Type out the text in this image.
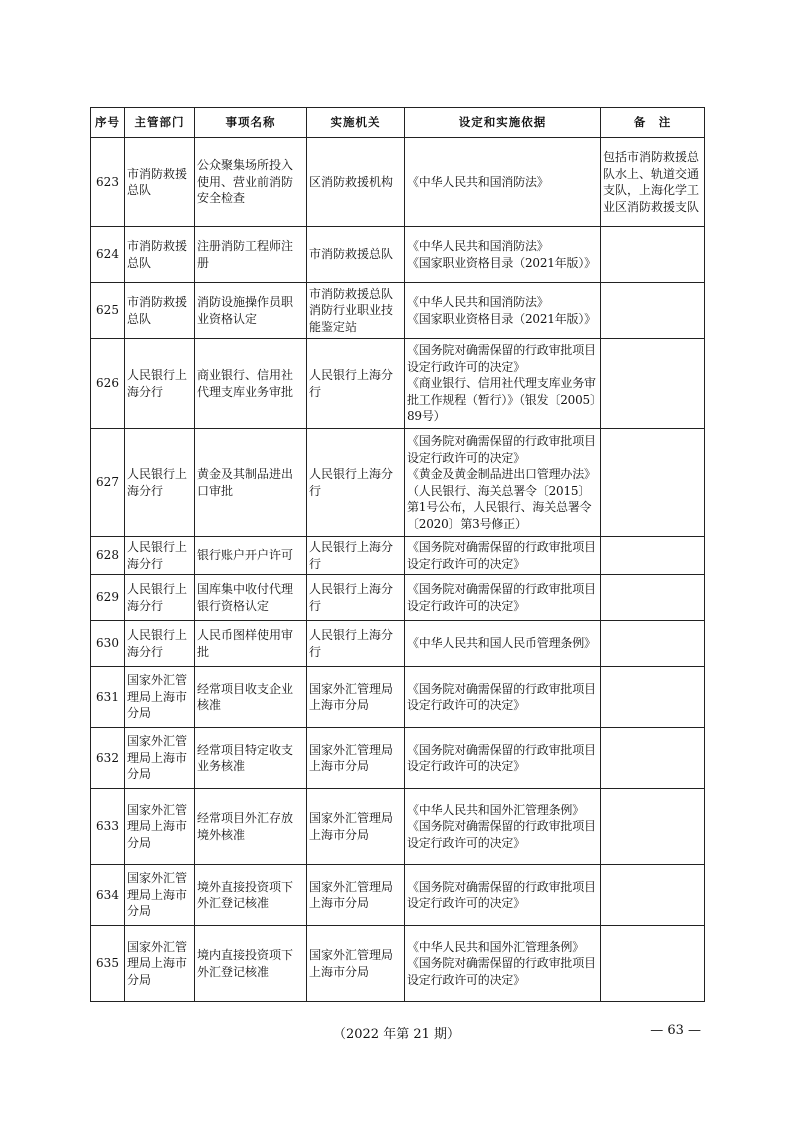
序号	主管部门	事项名称	实施机关	设定和实施依据	备　注
623	市消防救援总队	公众聚集场所投入使用、营业前消防安全检查	区消防救援机构	《中华人民共和国消防法》	包括市消防救援总队水上、轨道交通支队，上海化学工业区消防救援支队
624	市消防救援总队	注册消防工程师注册	市消防救援总队	《中华人民共和国消防法》
《国家职业资格目录（2021年版）》	
625	市消防救援总队	消防设施操作员职业资格认定	市消防救援总队消防行业职业技能鉴定站	《中华人民共和国消防法》
《国家职业资格目录（2021年版）》	
626	人民银行上海分行	商业银行、信用社代理支库业务审批	人民银行上海分行	《国务院对确需保留的行政审批项目设定行政许可的决定》
《商业银行、信用社代理支库业务审批工作规程（暂行）》（银发〔2005〕89号）	
627	人民银行上海分行	黄金及其制品进出口审批	人民银行上海分行	《国务院对确需保留的行政审批项目设定行政许可的决定》
《黄金及黄金制品进出口管理办法》（人民银行、海关总署令〔2015〕第1号公布，人民银行、海关总署令〔2020〕第3号修正）	
628	人民银行上海分行	银行账户开户许可	人民银行上海分行	《国务院对确需保留的行政审批项目设定行政许可的决定》	
629	人民银行上海分行	国库集中收付代理银行资格认定	人民银行上海分行	《国务院对确需保留的行政审批项目设定行政许可的决定》	
630	人民银行上海分行	人民币图样使用审批	人民银行上海分行	《中华人民共和国人民币管理条例》	
631	国家外汇管理局上海市分局	经常项目收支企业核准	国家外汇管理局上海市分局	《国务院对确需保留的行政审批项目设定行政许可的决定》	
632	国家外汇管理局上海市分局	经常项目特定收支业务核准	国家外汇管理局上海市分局	《国务院对确需保留的行政审批项目设定行政许可的决定》	
633	国家外汇管理局上海市分局	经常项目外汇存放境外核准	国家外汇管理局上海市分局	《中华人民共和国外汇管理条例》
《国务院对确需保留的行政审批项目设定行政许可的决定》	
634	国家外汇管理局上海市分局	境外直接投资项下外汇登记核准	国家外汇管理局上海市分局	《国务院对确需保留的行政审批项目设定行政许可的决定》	
635	国家外汇管理局上海市分局	境内直接投资项下外汇登记核准	国家外汇管理局上海市分局	《中华人民共和国外汇管理条例》
《国务院对确需保留的行政审批项目设定行政许可的决定》	
（2022 年第 21 期）	— 63 —
